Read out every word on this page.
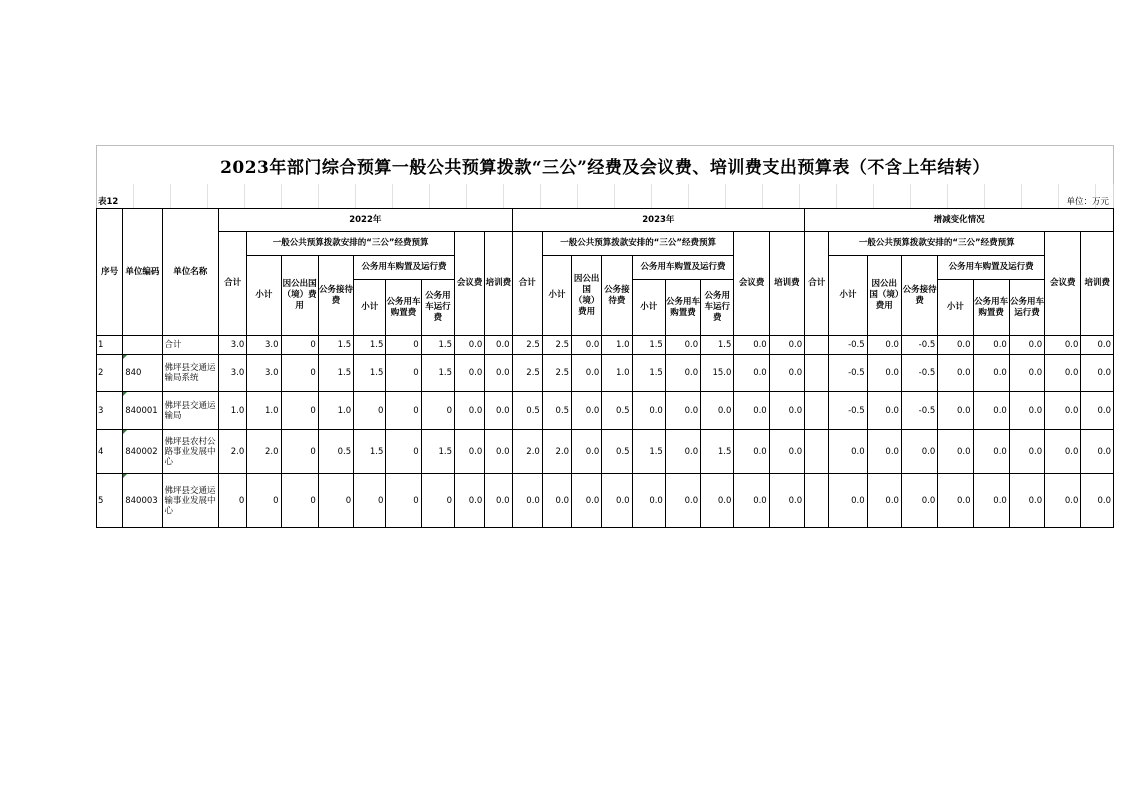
2023年部门综合预算一般公共预算拨款“三公”经费及会议费、培训费支出预算表（不含上年结转）
表12	单位：万元
序号	单位编码	单位名称	2022年									2023年									增减变化情况								
			合计	一般公共预算拨款安排的“三公”经费预算						会议费	培训费	合计	一般公共预算拨款安排的“三公”经费预算						会议费	培训费	合计	一般公共预算拨款安排的“三公”经费预算						会议费	培训费
				小计	因公出国（境）费用	公务接待费	公务用车购置及运行费						小计	因公出国（境）费用	公务接待费	公务用车购置及运行费						小计	因公出国（境）费用	公务接待费	公务用车购置及运行费				
							小计	公务用车购置费	公务用车运行费							小计	公务用车购置费	公务用车运行费							小计	公务用车购置费	公务用车运行费		
1		合计	3.0	3.0	0	1.5	1.5	0	1.5	0.0	0.0	2.5	2.5	0.0	1.0	1.5	0.0	1.5	0.0	0.0		-0.5	0.0	-0.5	0.0	0.0	0.0	0.0	0.0
2	840	佛坪县交通运输局系统	3.0	3.0	0	1.5	1.5	0	1.5	0.0	0.0	2.5	2.5	0.0	1.0	1.5	0.0	15.0	0.0	0.0		-0.5	0.0	-0.5	0.0	0.0	0.0	0.0	0.0
3	840001	佛坪县交通运输局	1.0	1.0	0	1.0	0	0	0	0.0	0.0	0.5	0.5	0.0	0.5	0.0	0.0	0.0	0.0	0.0		-0.5	0.0	-0.5	0.0	0.0	0.0	0.0	0.0
4	840002	佛坪县农村公路事业发展中心	2.0	2.0	0	0.5	1.5	0	1.5	0.0	0.0	2.0	2.0	0.0	0.5	1.5	0.0	1.5	0.0	0.0		0.0	0.0	0.0	0.0	0.0	0.0	0.0	0.0
5	840003	佛坪县交通运输事业发展中心	0	0	0	0	0	0	0	0.0	0.0	0.0	0.0	0.0	0.0	0.0	0.0	0.0	0.0	0.0		0.0	0.0	0.0	0.0	0.0	0.0	0.0	0.0
